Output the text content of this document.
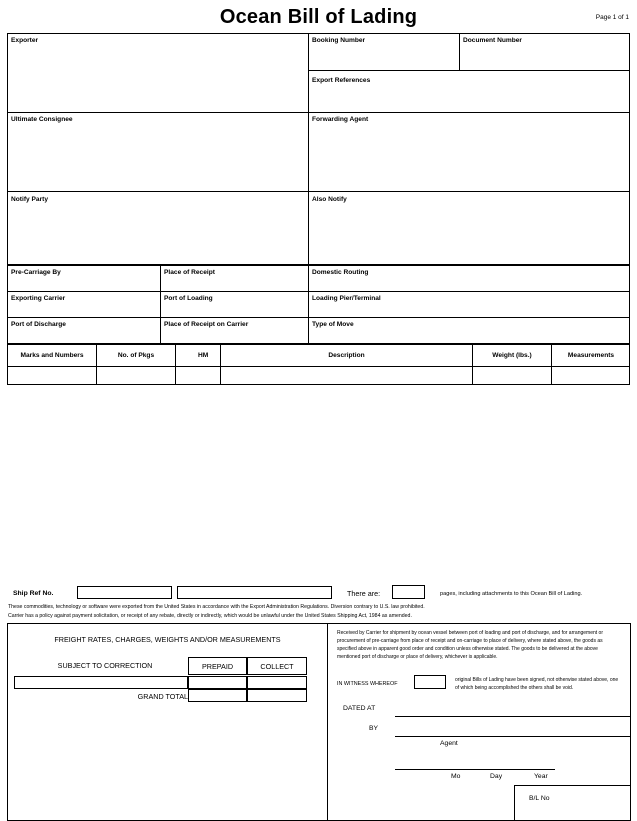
Ocean Bill of Lading	Page 1 of 1
Exporter
Ultimate Consignee
Notify Party
Booking Number	Document Number
Export References
Forwarding Agent
Also Notify
Pre-Carriage By	Place of Receipt	Domestic Routing
Exporting Carrier	Port of Loading	Loading Pier/Terminal
Port of Discharge	Place of Receipt on Carrier	Type of Move
Marks and Numbers	No. of Pkgs	HM	Description	Weight (lbs.)	Measurements
Ship Ref No.	There are:	pages, including attachments to this Ocean Bill of Lading.
These commodities, technology or software were exported from the United States in accordance with the Export Administration Regulations. Diversion contrary to U.S. law prohibited.
Carrier has a policy against payment solicitation, or receipt of any rebate, directly or indirectly, which would be unlawful under the United States Shipping Act, 1984 as amended.
FREIGHT RATES, CHARGES, WEIGHTS AND/OR MEASUREMENTS
SUBJECT TO CORRECTION	PREPAID	COLLECT
GRAND TOTAL
Received by Carrier for shipment by ocean vessel between port of loading and port of discharge, and for arrangement or procurement of pre-carriage from place of receipt and on-carriage to place of delivery, where stated above, the goods as specified above in apparent good order and condition unless otherwise stated. The goods to be delivered at the above mentioned port of discharge or place of delivery, whichever is applicable.
IN WITNESS WHEREOF
original Bills of Lading have been signed, not otherwise stated above, one of which being accomplished the others shall be void.
DATED AT
BY
Agent
Mo	Day	Year
B/L No
